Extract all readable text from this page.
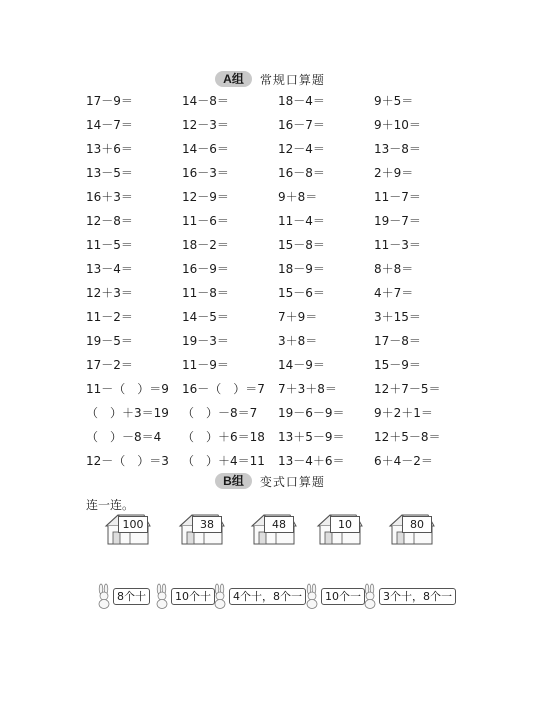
A组	常规口算题
17－9＝	14－8＝	18－4＝	9＋5＝
14－7＝	12－3＝	16－7＝	9＋10＝
13＋6＝	14－6＝	12－4＝	13－8＝
13－5＝	16－3＝	16－8＝	2＋9＝
16＋3＝	12－9＝	9＋8＝	11－7＝
12－8＝	11－6＝	11－4＝	19－7＝
11－5＝	18－2＝	15－8＝	11－3＝
13－4＝	16－9＝	18－9＝	8＋8＝
12＋3＝	11－8＝	15－6＝	4＋7＝
11－2＝	14－5＝	7＋9＝	3＋15＝
19－5＝	19－3＝	3＋8＝	17－8＝
17－2＝	11－9＝	14－9＝	15－9＝
11－（　）＝9	16－（　）＝7	7＋3＋8＝	12＋7－5＝
（　）＋3＝19	（　）－8＝7	19－6－9＝	9＋2＋1＝
（　）－8＝4	（　）＋6＝18	13＋5－9＝	12＋5－8＝
12－（　）＝3	（　）＋4＝11	13－4＋6＝	6＋4－2＝
B组	变式口算题
连一连。
100	38	48	10	80
8个十	10个十	4个十，8个一	10个一	3个十，8个一
